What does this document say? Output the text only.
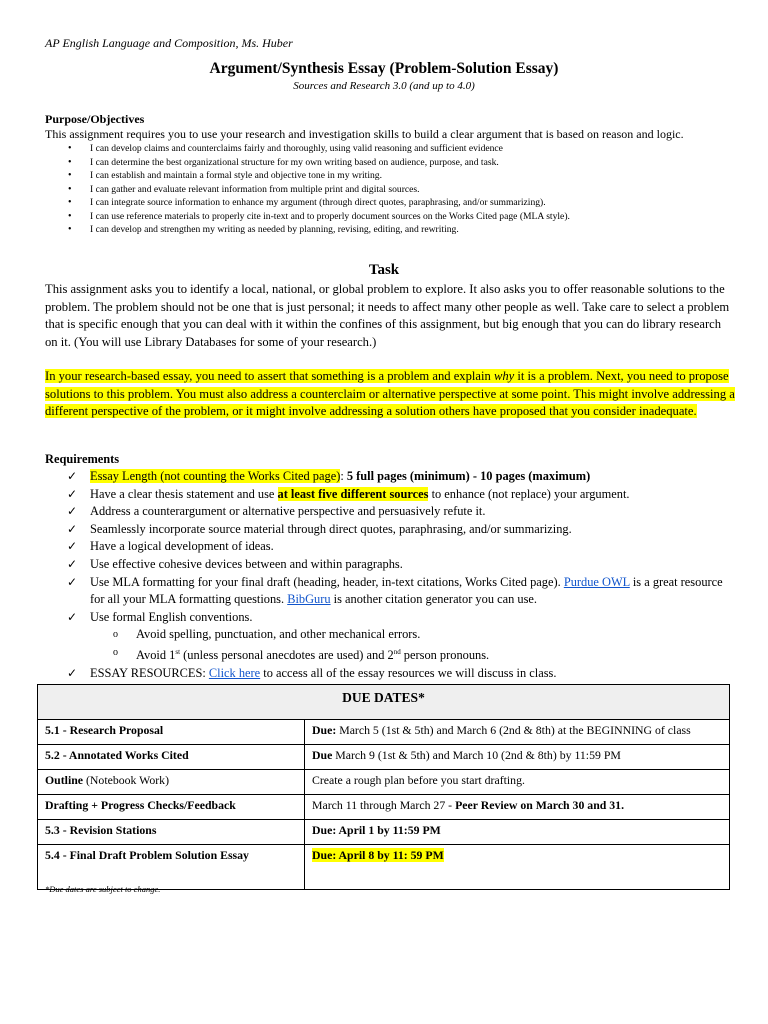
AP English Language and Composition, Ms. Huber
Argument/Synthesis Essay (Problem-Solution Essay)
Sources and Research 3.0 (and up to 4.0)
Purpose/Objectives
This assignment requires you to use your research and investigation skills to build a clear argument that is based on reason and logic.
• I can develop claims and counterclaims fairly and thoroughly, using valid reasoning and sufficient evidence
• I can determine the best organizational structure for my own writing based on audience, purpose, and task.
• I can establish and maintain a formal style and objective tone in my writing.
• I can gather and evaluate relevant information from multiple print and digital sources.
• I can integrate source information to enhance my argument (through direct quotes, paraphrasing, and/or summarizing).
• I can use reference materials to properly cite in-text and to properly document sources on the Works Cited page (MLA style).
• I can develop and strengthen my writing as needed by planning, revising, editing, and rewriting.
Task
This assignment asks you to identify a local, national, or global problem to explore. It also asks you to offer reasonable solutions to the problem. The problem should not be one that is just personal; it needs to affect many other people as well. Take care to select a problem that is specific enough that you can deal with it within the confines of this assignment, but big enough that you can do library research on it. (You will use Library Databases for some of your research.)
In your research-based essay, you need to assert that something is a problem and explain why it is a problem. Next, you need to propose solutions to this problem. You must also address a counterclaim or alternative perspective at some point. This might involve addressing a different perspective of the problem, or it might involve addressing a solution others have proposed that you consider inadequate.
Requirements
✓ Essay Length (not counting the Works Cited page): 5 full pages (minimum) - 10 pages (maximum)
✓ Have a clear thesis statement and use at least five different sources to enhance (not replace) your argument.
✓ Address a counterargument or alternative perspective and persuasively refute it.
✓ Seamlessly incorporate source material through direct quotes, paraphrasing, and/or summarizing.
✓ Have a logical development of ideas.
✓ Use effective cohesive devices between and within paragraphs.
✓ Use MLA formatting for your final draft (heading, header, in-text citations, Works Cited page). Purdue OWL is a great resource for all your MLA formatting questions. BibGuru is another citation generator you can use.
✓ Use formal English conventions.
o Avoid spelling, punctuation, and other mechanical errors.
o Avoid 1st (unless personal anecdotes are used) and 2nd person pronouns.
✓ ESSAY RESOURCES: Click here to access all of the essay resources we will discuss in class.
DUE DATES*	
5.1 - Research Proposal	Due: March 5 (1st & 5th) and March 6 (2nd & 8th) at the BEGINNING of class
5.2 - Annotated Works Cited	Due March 9 (1st & 5th) and March 10 (2nd & 8th) by 11:59 PM
Outline (Notebook Work)	Create a rough plan before you start drafting.
Drafting + Progress Checks/Feedback	March 11 through March 27 - Peer Review on March 30 and 31.
5.3 - Revision Stations	Due: April 1 by 11:59 PM
5.4 - Final Draft Problem Solution Essay	Due: April 8 by 11: 59 PM
*Due dates are subject to change.
